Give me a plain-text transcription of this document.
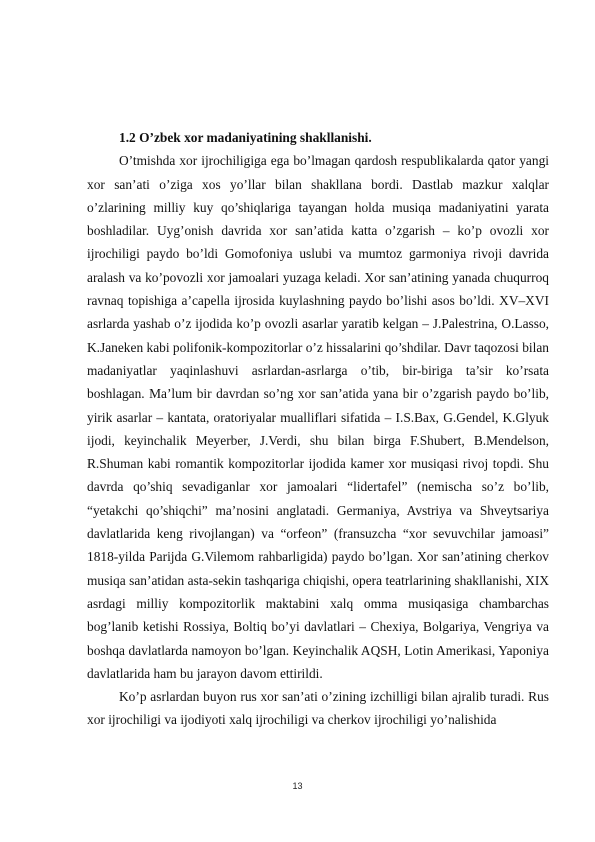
1.2 O’zbek xor madaniyatining shakllanishi.

O’tmishda xor ijrochiligiga ega bo’lmagan qardosh respublikalarda qator yangi xor san’ati o’ziga xos yo’llar bilan shakllana bordi. Dastlab mazkur xalqlar o’zlarining milliy kuy qo’shiqlariga tayangan holda musiqa madaniyatini yarata boshladilar. Uyg’onish davrida xor san’atida katta o’zgarish – ko’p ovozli xor ijrochiligi paydo bo’ldi Gomofoniya uslubi va mumtoz garmoniya rivoji davrida aralash va ko’povozli xor jamoalari yuzaga keladi. Xor san’atining yanada chuqurroq ravnaq topishiga a’capella ijrosida kuylashning paydo bo’lishi asos bo’ldi. XV–XVI asrlarda yashab o’z ijodida ko’p ovozli asarlar yaratib kelgan – J.Palestrina, O.Lasso, K.Janeken kabi polifonik-kompozitorlar o’z hissalarini qo’shdilar. Davr taqozosi bilan madaniyatlar yaqinlashuvi asrlardan-asrlarga o’tib, bir-biriga ta’sir ko’rsata boshlagan. Ma’lum bir davrdan so’ng xor san’atida yana bir o’zgarish paydo bo’lib, yirik asarlar – kantata, oratoriyalar mualliflari sifatida – I.S.Bax, G.Gendel, K.Glyuk ijodi, keyinchalik Meyerber, J.Verdi, shu bilan birga F.Shubert, B.Mendelson, R.Shuman kabi romantik kompozitorlar ijodida kamer xor musiqasi rivoj topdi. Shu davrda qo’shiq sevadiganlar xor jamoalari “lidertafel” (nemischa so’z bo’lib, “yetakchi qo’shiqchi” ma’nosini anglatadi. Germaniya, Avstriya va Shveytsariya davlatlarida keng rivojlangan) va “orfeon” (fransuzcha “xor sevuvchilar jamoasi” 1818-yilda Parijda G.Vilemom rahbarligida) paydo bo’lgan. Xor san’atining cherkov musiqa san’atidan asta-sekin tashqariga chiqishi, opera teatrlarining shakllanishi, XIX asrdagi milliy kompozitorlik maktabini xalq omma musiqasiga chambarchas bog’lanib ketishi Rossiya, Boltiq bo’yi davlatlari – Chexiya, Bolgariya, Vengriya va boshqa davlatlarda namoyon bo’lgan. Keyinchalik AQSH, Lotin Amerikasi, Yaponiya davlatlarida ham bu jarayon davom ettirildi.

Ko’p asrlardan buyon rus xor san’ati o’zining izchilligi bilan ajralib turadi. Rus xor ijrochiligi va ijodiyoti xalq ijrochiligi va cherkov ijrochiligi yo’nalishida

13
